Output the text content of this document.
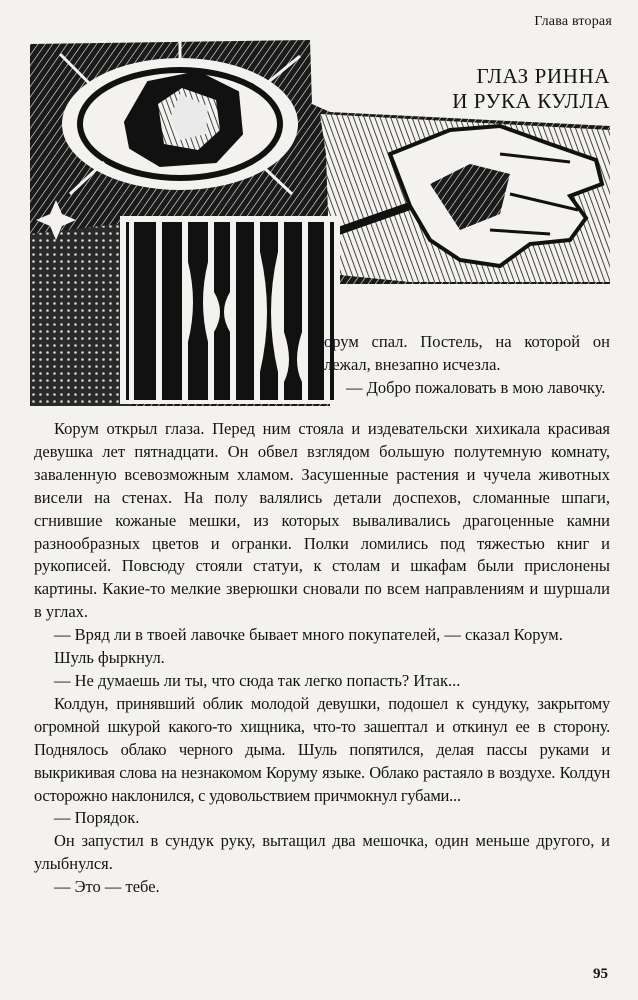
Глава вторая
ГЛАЗ РИННА
И РУКА КУЛЛА

орум спал. Постель, на которой он лежал, внезапно исчезла.

— Добро пожаловать в мою лавочку.

Корум открыл глаза. Перед ним стояла и издевательски хихикала красивая девушка лет пятнадцати. Он обвел взглядом большую полутемную комнату, заваленную всевозможным хламом. Засушенные растения и чучела животных висели на стенах. На полу валялись детали доспехов, сломанные шпаги, сгнившие кожаные мешки, из которых вываливались драгоценные камни разнообразных цветов и огранки. Полки ломились под тяжестью книг и рукописей. Повсюду стояли статуи, к столам и шкафам были прислонены картины. Какие-то мелкие зверюшки сновали по всем направлениям и шуршали в углах.

— Вряд ли в твоей лавочке бывает много покупателей, — сказал Корум.

Шуль фыркнул.

— Не думаешь ли ты, что сюда так легко попасть? Итак...

Колдун, принявший облик молодой девушки, подошел к сундуку, закрытому огромной шкурой какого-то хищника, что-то зашептал и откинул ее в сторону. Поднялось облако черного дыма. Шуль попятился, делая пассы руками и выкрикивая слова на незнакомом Коруму языке. Облако растаяло в воздухе. Колдун осторожно наклонился, с удовольствием причмокнул губами...

— Порядок.

Он запустил в сундук руку, вытащил два мешочка, один меньше другого, и улыбнулся.

— Это — тебе.

95
